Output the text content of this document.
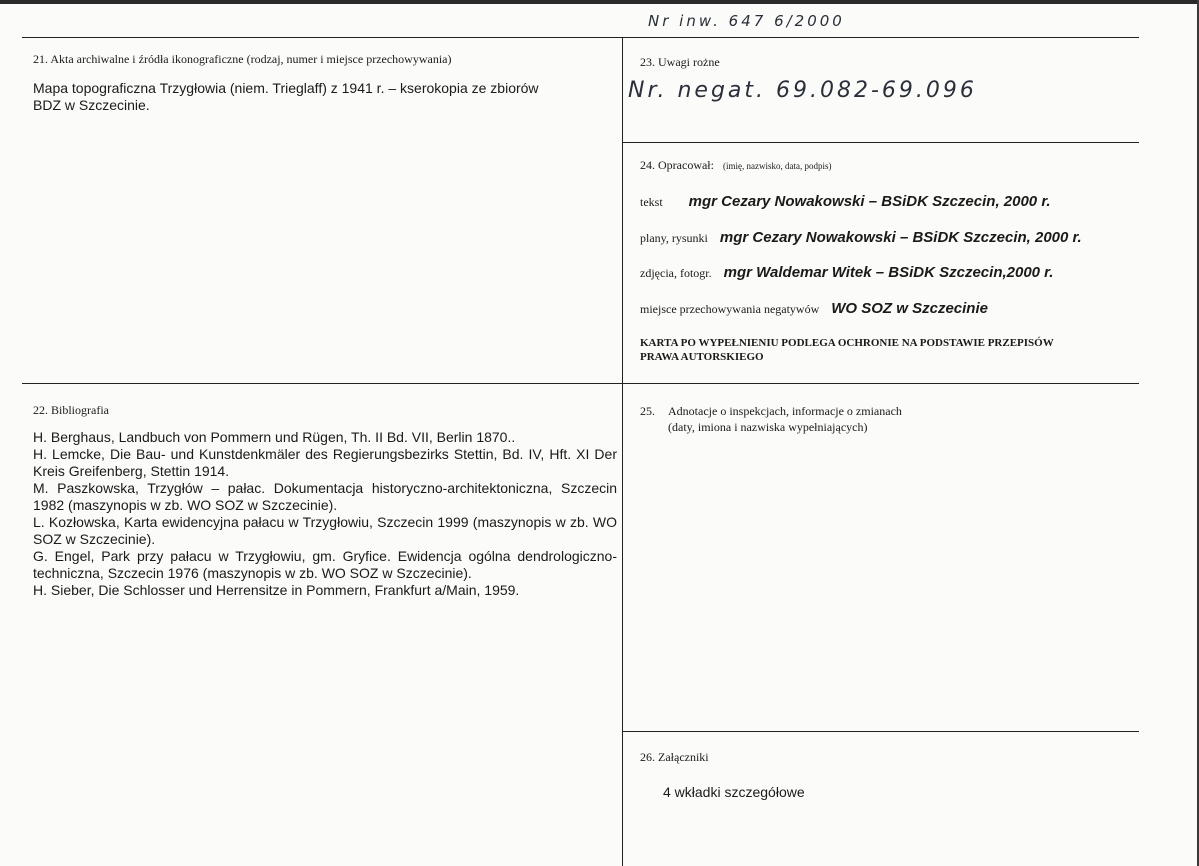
Nr inw. 647 6/2000
21. Akta archiwalne i źródła ikonograficzne (rodzaj, numer i miejsce przechowywania)
Mapa topograficzna Trzygłowia (niem. Trieglaff) z 1941 r. – kserokopia ze zbiorów
BDZ w Szczecinie.
23. Uwagi rożne
Nr. negat. 69.082-69.096
24. Opracował: (imię, nazwisko, data, podpis)
tekst mgr Cezary Nowakowski – BSiDK Szczecin, 2000 r.
plany, rysunki mgr Cezary Nowakowski – BSiDK Szczecin, 2000 r.
zdjęcia, fotogr. mgr Waldemar Witek – BSiDK Szczecin,2000 r.
miejsce przechowywania negatywów WO SOZ w Szczecinie
KARTA PO WYPEŁNIENIU PODLEGA OCHRONIE NA PODSTAWIE PRZEPISÓW
PRAWA AUTORSKIEGO
22. Bibliografia
H. Berghaus, Landbuch von Pommern und Rügen, Th. II Bd. VII, Berlin 1870..
H. Lemcke, Die Bau- und Kunstdenkmäler des Regierungsbezirks Stettin, Bd. IV, Hft. XI Der Kreis Greifenberg, Stettin 1914.
M. Paszkowska, Trzygłów – pałac. Dokumentacja historyczno-architektoniczna, Szczecin 1982 (maszynopis w zb. WO SOZ w Szczecinie).
L. Kozłowska, Karta ewidencyjna pałacu w Trzygłowiu, Szczecin 1999 (maszynopis w zb. WO SOZ w Szczecinie).
G. Engel, Park przy pałacu w Trzygłowiu, gm. Gryfice. Ewidencja ogólna dendrologiczno-techniczna, Szczecin 1976 (maszynopis w zb. WO SOZ w Szczecinie).
H. Sieber, Die Schlosser und Herrensitze in Pommern, Frankfurt a/Main, 1959.
25. Adnotacje o inspekcjach, informacje o zmianach
(daty, imiona i nazwiska wypełniających)
26. Załączniki
4 wkładki szczegółowe
